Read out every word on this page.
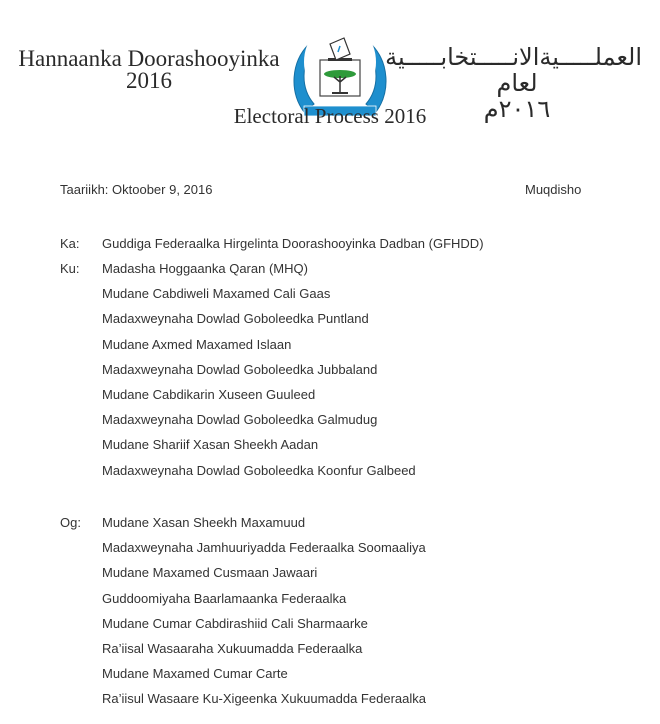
Hannaanka Doorashooyinka
2016
العملـــــيةالانـــــتخابـــــية لعام
٢٠١٦م
Electoral Process 2016
Taariikh: Oktoober 9, 2016	Muqdisho
Ka: Guddiga Federaalka Hirgelinta Doorashooyinka Dadban (GFHDD)
Ku: Madasha Hoggaanka Qaran (MHQ)
Mudane Cabdiweli Maxamed Cali Gaas
Madaxweynaha Dowlad Goboleedka Puntland
Mudane Axmed Maxamed Islaan
Madaxweynaha Dowlad Goboleedka Jubbaland
Mudane Cabdikarin Xuseen Guuleed
Madaxweynaha Dowlad Goboleedka Galmudug
Mudane Shariif Xasan Sheekh Aadan
Madaxweynaha Dowlad Goboleedka Koonfur Galbeed
Og: Mudane Xasan Sheekh Maxamuud
Madaxweynaha Jamhuuriyadda Federaalka Soomaaliya
Mudane Maxamed Cusmaan Jawaari
Guddoomiyaha Baarlamaanka Federaalka
Mudane Cumar Cabdirashiid Cali Sharmaarke
Ra’iisal Wasaaraha Xukuumadda Federaalka
Mudane Maxamed Cumar Carte
Ra’iisul Wasaare Ku-Xigeenka Xukuumadda Federaalka
